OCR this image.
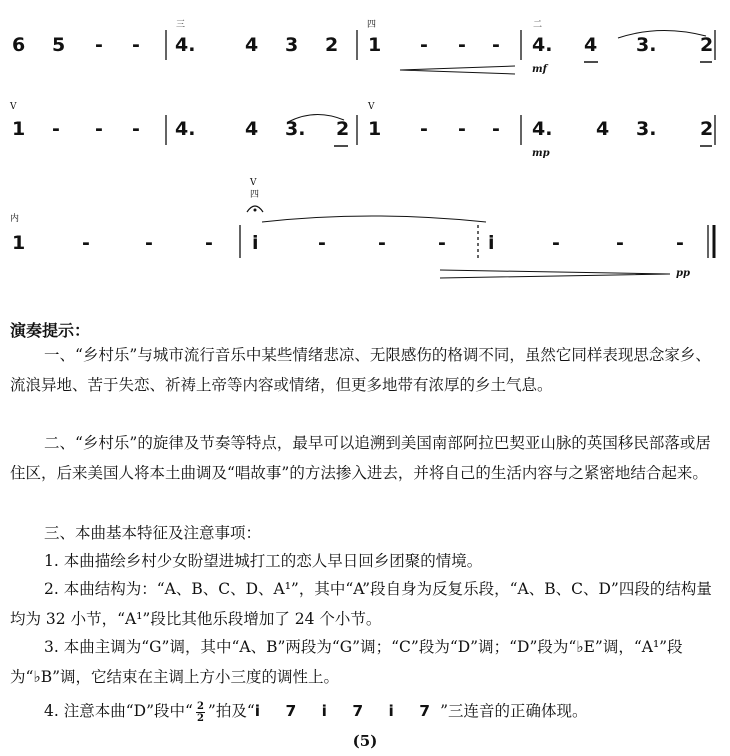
6 5 - - 4.	4 3 2 1 - - - 4. 4 3. 2
三	四	二
mf
V	V
1 - - - 4.	4 3. 2 1 - - - 4. 4 3. 2
mp
内
V
四
1	-	-	- i	-	-	- i	-	-	-
pp
演奏提示：
一、“乡村乐”与城市流行音乐中某些情绪悲凉、无限感伤的格调不同，虽然它同样表现思念家乡、流浪异地、苦于失恋、祈祷上帝等内容或情绪，但更多地带有浓厚的乡土气息。
二、“乡村乐”的旋律及节奏等特点，最早可以追溯到美国南部阿拉巴契亚山脉的英国移民部落或居住区，后来美国人将本土曲调及“唱故事”的方法掺入进去，并将自己的生活内容与之紧密地结合起来。
三、本曲基本特征及注意事项：
1. 本曲描绘乡村少女盼望进城打工的恋人早日回乡团聚的情境。
2. 本曲结构为：“A、B、C、D、A¹”，其中“A”段自身为反复乐段，“A、B、C、D”四段的结构量均为 32 小节，“A¹”段比其他乐段增加了 24 个小节。
3. 本曲主调为“G”调，其中“A、B”两段为“G”调；“C”段为“D”调；“D”段为“♭E”调，“A¹”段为“♭B”调，它结束在主调上方小三度的调性上。
4. 注意本曲“D”段中“ $\frac{2}{2}$ ”拍及“i 7 i 7 i 7”三连音的正确体现。
(5)
